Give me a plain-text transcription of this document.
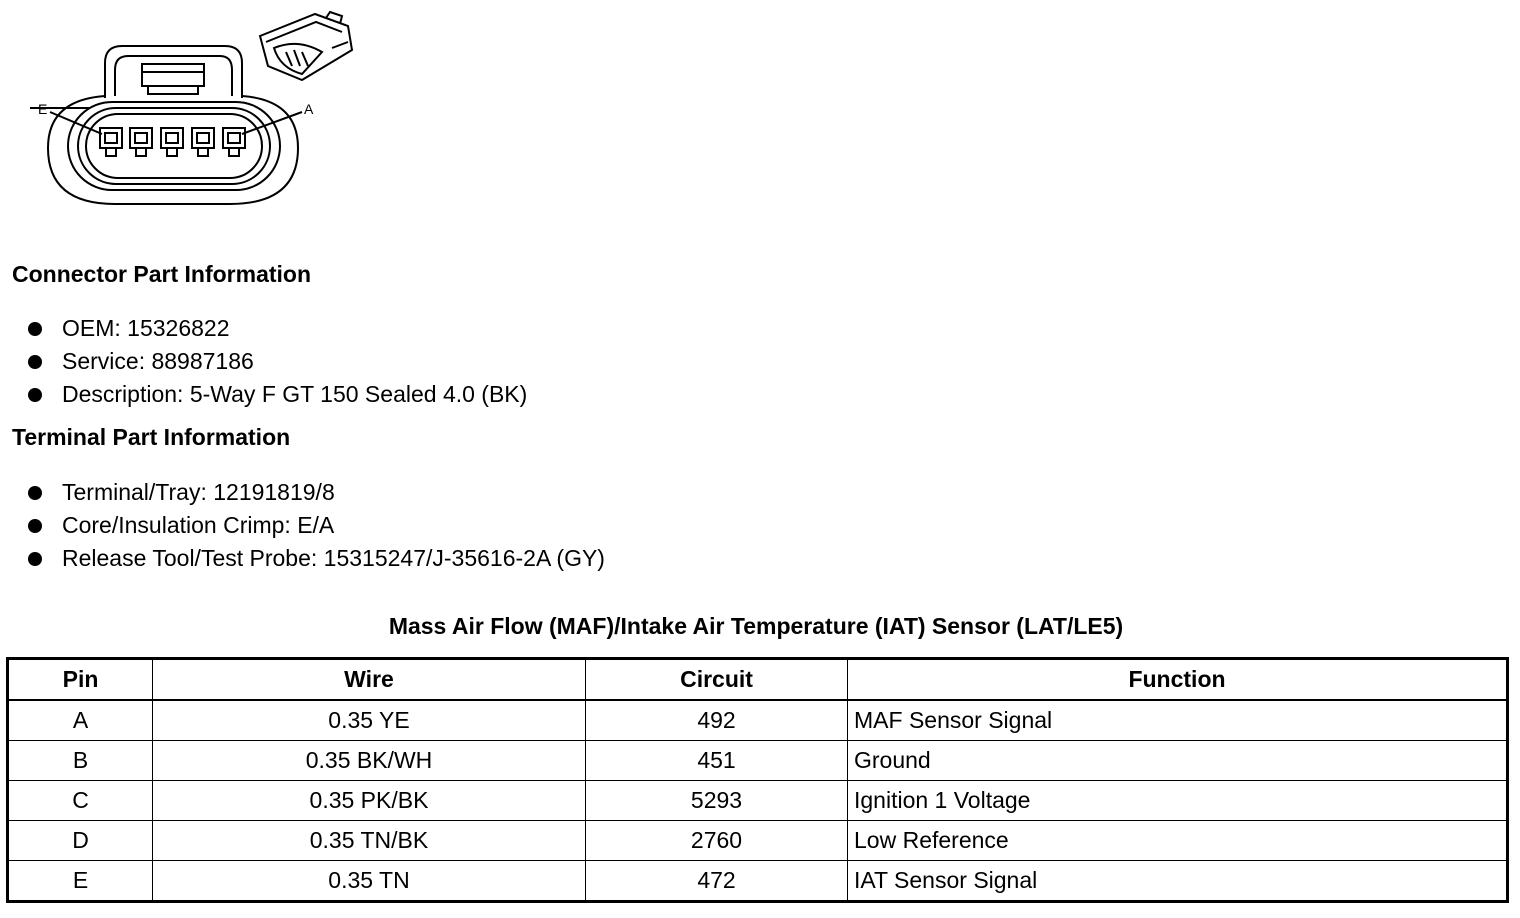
E	A
Connector Part Information
OEM: 15326822
Service: 88987186
Description: 5-Way F GT 150 Sealed 4.0 (BK)
Terminal Part Information
Terminal/Tray: 12191819/8
Core/Insulation Crimp: E/A
Release Tool/Test Probe: 15315247/J-35616-2A (GY)
Mass Air Flow (MAF)/Intake Air Temperature (IAT) Sensor (LAT/LE5)
Pin	Wire	Circuit	Function
A	0.35 YE	492	MAF Sensor Signal
B	0.35 BK/WH	451	Ground
C	0.35 PK/BK	5293	Ignition 1 Voltage
D	0.35 TN/BK	2760	Low Reference
E	0.35 TN	472	IAT Sensor Signal
